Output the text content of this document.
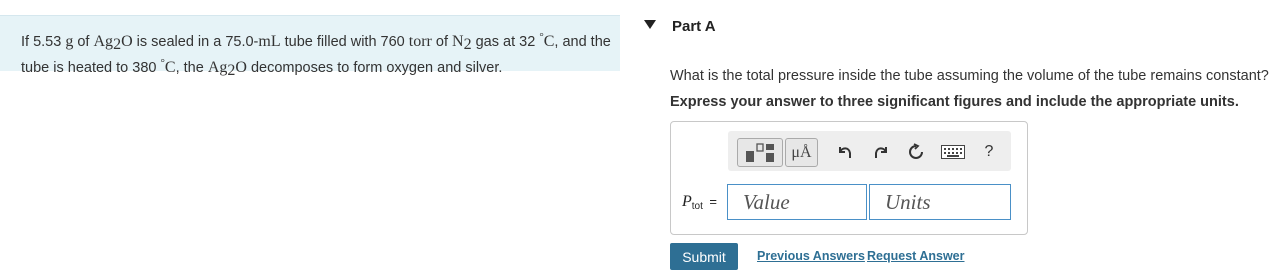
If 5.53 g of $Ag_2O$ is sealed in a 75.0-mL tube filled with 760 torr of $N_2$ gas at 32 °C, and the tube is heated to 380 °C, the $Ag_2O$ decomposes to form oxygen and silver.
Part A
What is the total pressure inside the tube assuming the volume of the tube remains constant?
Express your answer to three significant figures and include the appropriate units.
μÅ	?
$P_{tot}$ =
Value
Units
Submit	Previous Answers Request Answer
